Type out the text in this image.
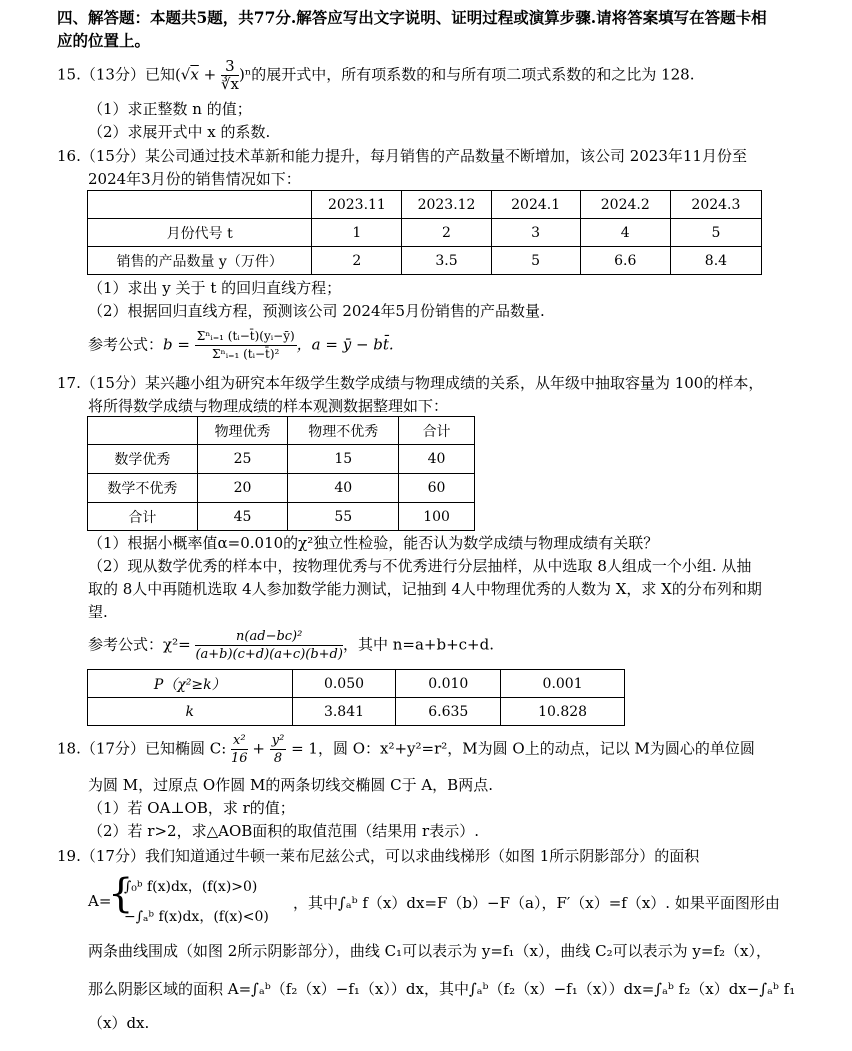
四、解答题：本题共5题，共77分.解答应写出文字说明、证明过程或演算步骤.请将答案填写在答题卡相
应的位置上。
15.（13分）已知$(√x + \frac{3}{∛x} )^n$的展开式中，所有项系数的和与所有项二项式系数的和之比为 128.
（1）求正整数 n 的值；
（2）求展开式中 x 的系数.
16.（15分）某公司通过技术革新和能力提升，每月销售的产品数量不断增加，该公司 2023年11月份至
2024年3月份的销售情况如下：
	2023.11	2023.12	2024.1	2024.2	2024.3
月份代号 t	1	2	3	4	5
销售的产品数量 y（万件）	2	3.5	5	6.6	8.4
（1）求出 y 关于 t 的回归直线方程；
（2）根据回归直线方程，预测该公司 2024年5月份销售的产品数量.
参考公式：$b = \frac{\text{Σⁿᵢ₌₁ (tᵢ−t̄)(yᵢ−ȳ)}}{\text{Σⁿᵢ₌₁ (tᵢ−t̄)²}}$ ，a = ȳ − bt̄.
17.（15分）某兴趣小组为研究本年级学生数学成绩与物理成绩的关系，从年级中抽取容量为 100的样本，
将所得数学成绩与物理成绩的样本观测数据整理如下：
	物理优秀	物理不优秀	合计
数学优秀	25	15	40
数学不优秀	20	40	60
合计	45	55	100
（1）根据小概率值α=0.010的χ²独立性检验，能否认为数学成绩与物理成绩有关联？
（2）现从数学优秀的样本中，按物理优秀与不优秀进行分层抽样，从中选取 8人组成一个小组. 从抽
取的 8人中再随机选取 4人参加数学能力测试，记抽到 4人中物理优秀的人数为 X，求 X的分布列和期
望.
参考公式：$\chi^2= \frac{\text{n(ad−bc)²}}{(a+b)(c+d)(a+c)(b+d)}$ ，其中 n=a+b+c+d.
P（χ²≥k）	0.050	0.010	0.001
k	3.841	6.635	10.828
18.（17分）已知椭圆 C: $\frac{\text{x²}}{16} + \frac{\text{y²}}{8} = 1$，圆 O：x²+y²=r²，M为圆 O上的动点，记以 M为圆心的单位圆
为圆 M，过原点 O作圆 M的两条切线交椭圆 C于 A，B两点.
（1）若 OA⊥OB，求 r的值；
（2）若 r>2，求△AOB面积的取值范围（结果用 r表示）.
19.（17分）我们知道通过牛顿一莱布尼兹公式，可以求曲线梯形（如图 1所示阴影部分）的面积
A=
{
∫₀ᵇ f(x)dx，(f(x)>0)
−∫ₐᵇ f(x)dx，(f(x)<0)
，其中∫ₐᵇ f（x）dx=F（b）−F（a），F′（x）=f（x）. 如果平面图形由
两条曲线围成（如图 2所示阴影部分），曲线 C₁可以表示为 y=f₁（x），曲线 C₂可以表示为 y=f₂（x），
那么阴影区域的面积 A=∫ₐᵇ（f₂（x）−f₁（x））dx，其中∫ₐᵇ（f₂（x）−f₁（x））dx=∫ₐᵇ f₂（x）dx−∫ₐᵇ f₁
（x）dx.
